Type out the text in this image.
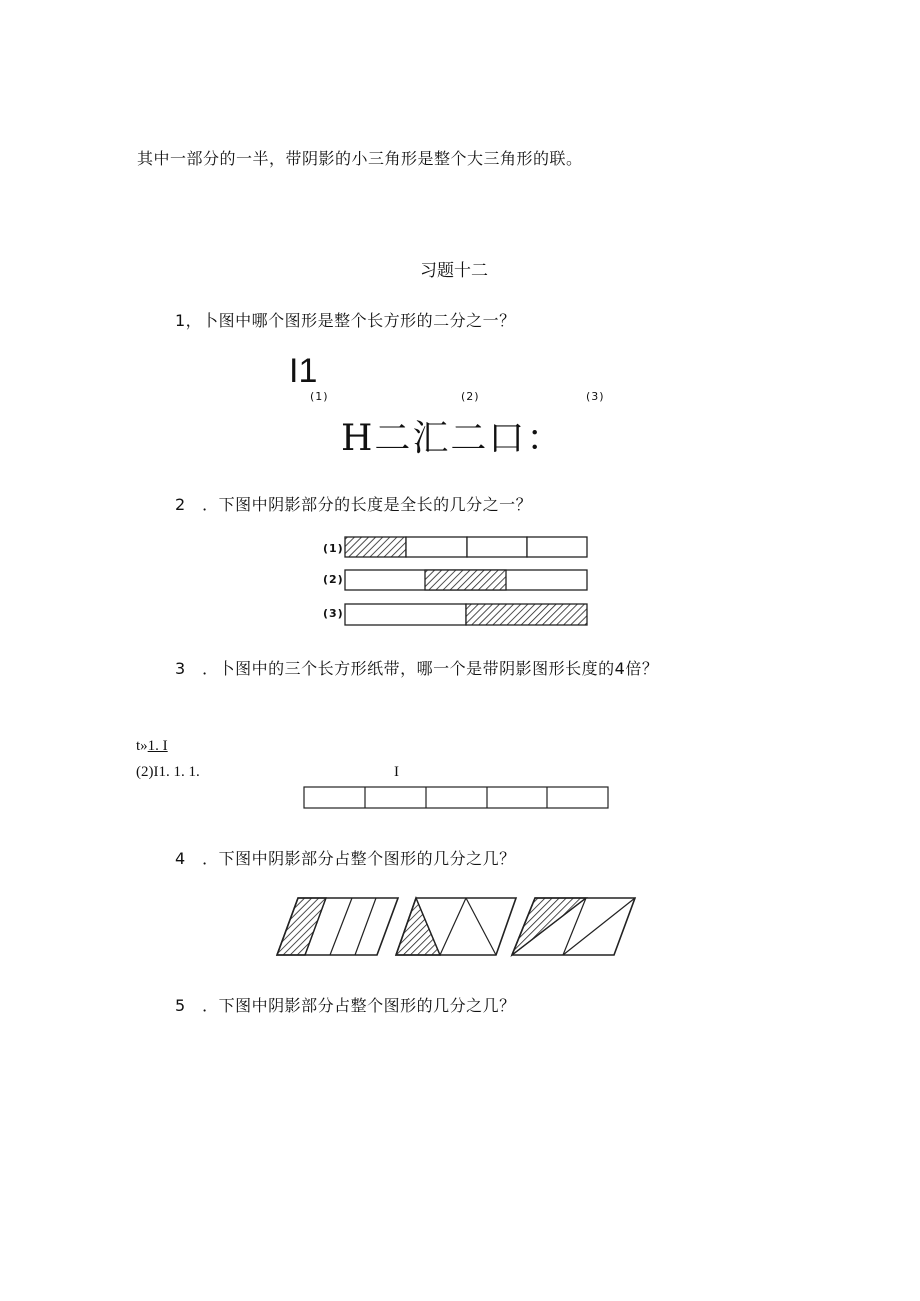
其中一部分的一半，带阴影的小三角形是整个大三角形的联。
习题十二
1，卜图中哪个图形是整个长方形的二分之一？
I1
(1)	(2)	(3)
H二汇二口：
2　．下图中阴影部分的长度是全长的几分之一？
(1)
(2)
(3)
3　．卜图中的三个长方形纸带，哪一个是带阴影图形长度的4倍？
t»1. I
(2)I1. 1. 1.	I
4　．下图中阴影部分占整个图形的几分之几？
5　．下图中阴影部分占整个图形的几分之几？
